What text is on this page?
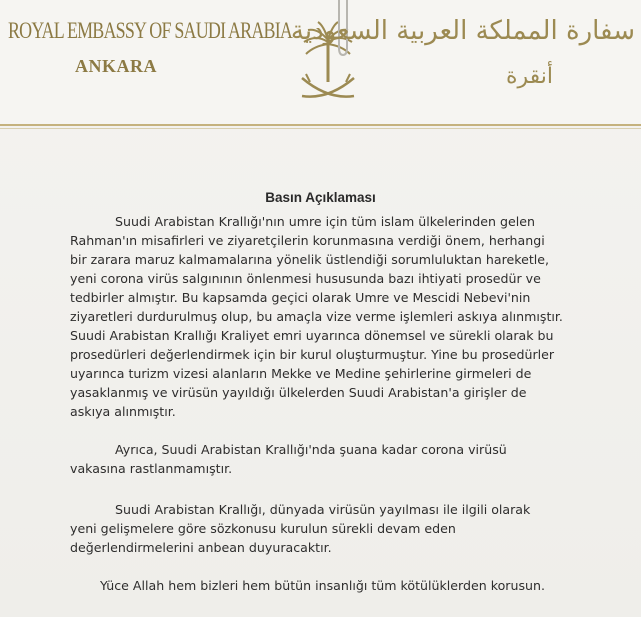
ROYAL EMBASSY OF SAUDI ARABIA
ANKARA
سفارة المملكة العربية السعودية
أنقرة
Basın Açıklaması
Suudi Arabistan Krallığı'nın umre için tüm islam ülkelerinden gelen
Rahman'ın misafirleri ve ziyaretçilerin korunmasına verdiği önem, herhangi
bir zarara maruz kalmamalarına yönelik üstlendiği sorumluluktan hareketle,
yeni corona virüs salgınının önlenmesi hususunda bazı ihtiyati prosedür ve
tedbirler almıştır. Bu kapsamda geçici olarak Umre ve Mescidi Nebevi'nin
ziyaretleri durdurulmuş olup, bu amaçla vize verme işlemleri askıya alınmıştır.
Suudi Arabistan Krallığı Kraliyet emri uyarınca dönemsel ve sürekli olarak bu
prosedürleri değerlendirmek için bir kurul oluşturmuştur. Yine bu prosedürler
uyarınca turizm vizesi alanların Mekke ve Medine şehirlerine girmeleri de
yasaklanmış ve virüsün yayıldığı ülkelerden Suudi Arabistan'a girişler de
askıya alınmıştır.
Ayrıca, Suudi Arabistan Krallığı'nda şuana kadar corona virüsü
vakasına rastlanmamıştır.
Suudi Arabistan Krallığı, dünyada virüsün yayılması ile ilgili olarak
yeni gelişmelere göre sözkonusu kurulun sürekli devam eden
değerlendirmelerini anbean duyuracaktır.
Yüce Allah hem bizleri hem bütün insanlığı tüm kötülüklerden korusun.
